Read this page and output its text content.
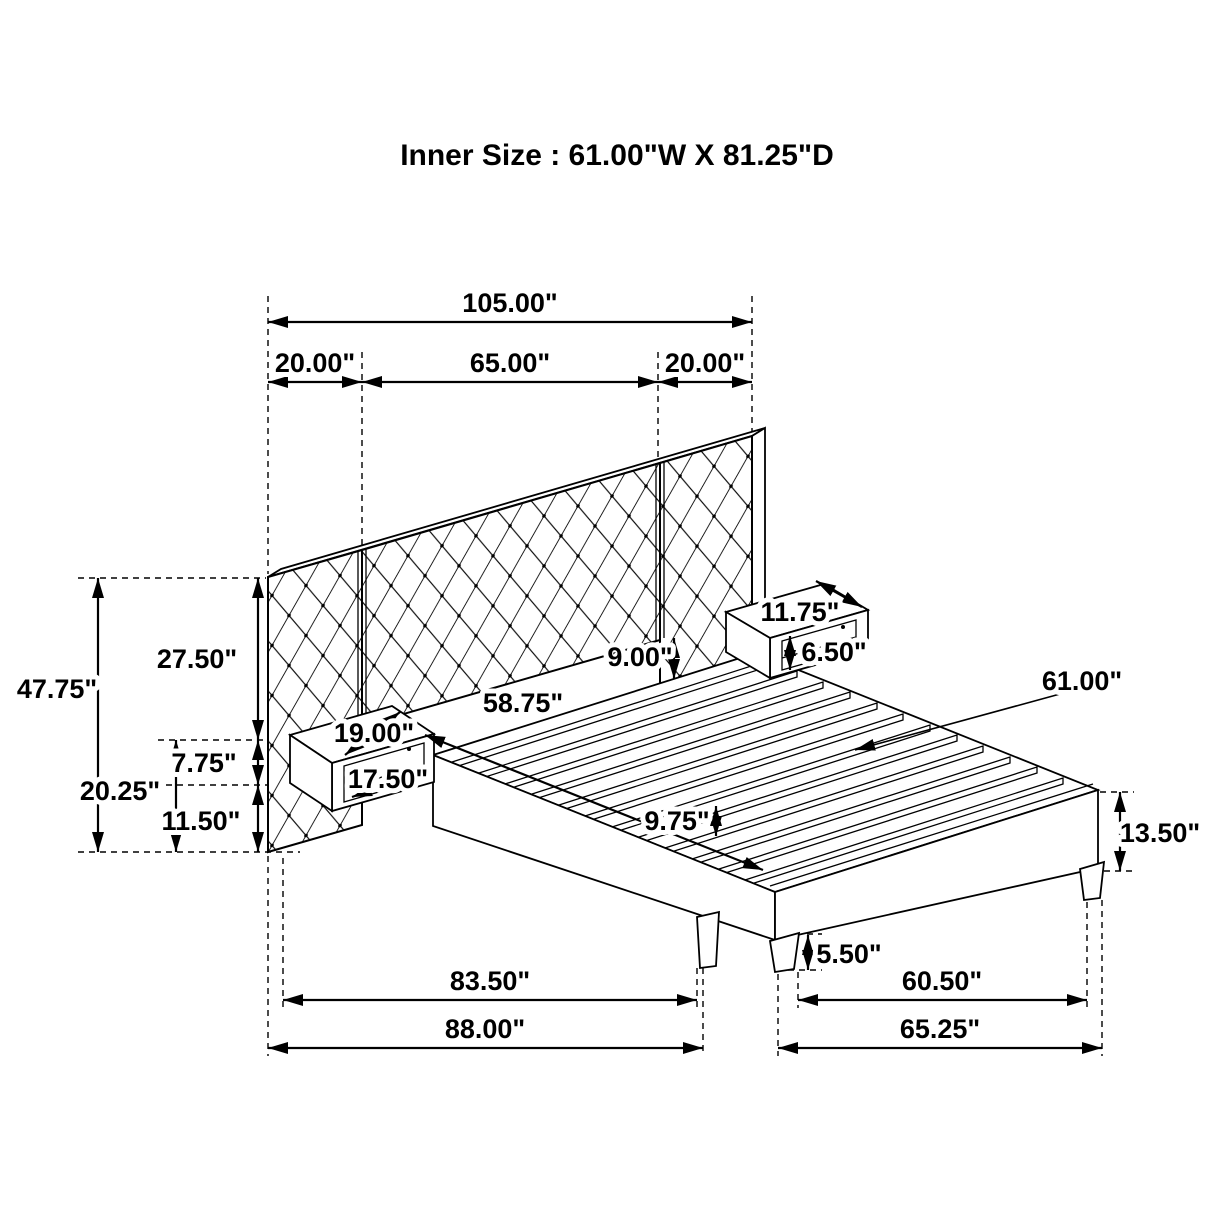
Inner Size : 61.00"W X 81.25"D
105.00"
20.00"	65.00"	20.00"
47.75"
27.50"
7.75"
20.25"
11.50"
9.00"
58.75"
19.00"
17.50"
11.75"
6.50"
61.00"
9.75"	13.50"
5.50"
83.50"	60.50"
88.00"	65.25"
